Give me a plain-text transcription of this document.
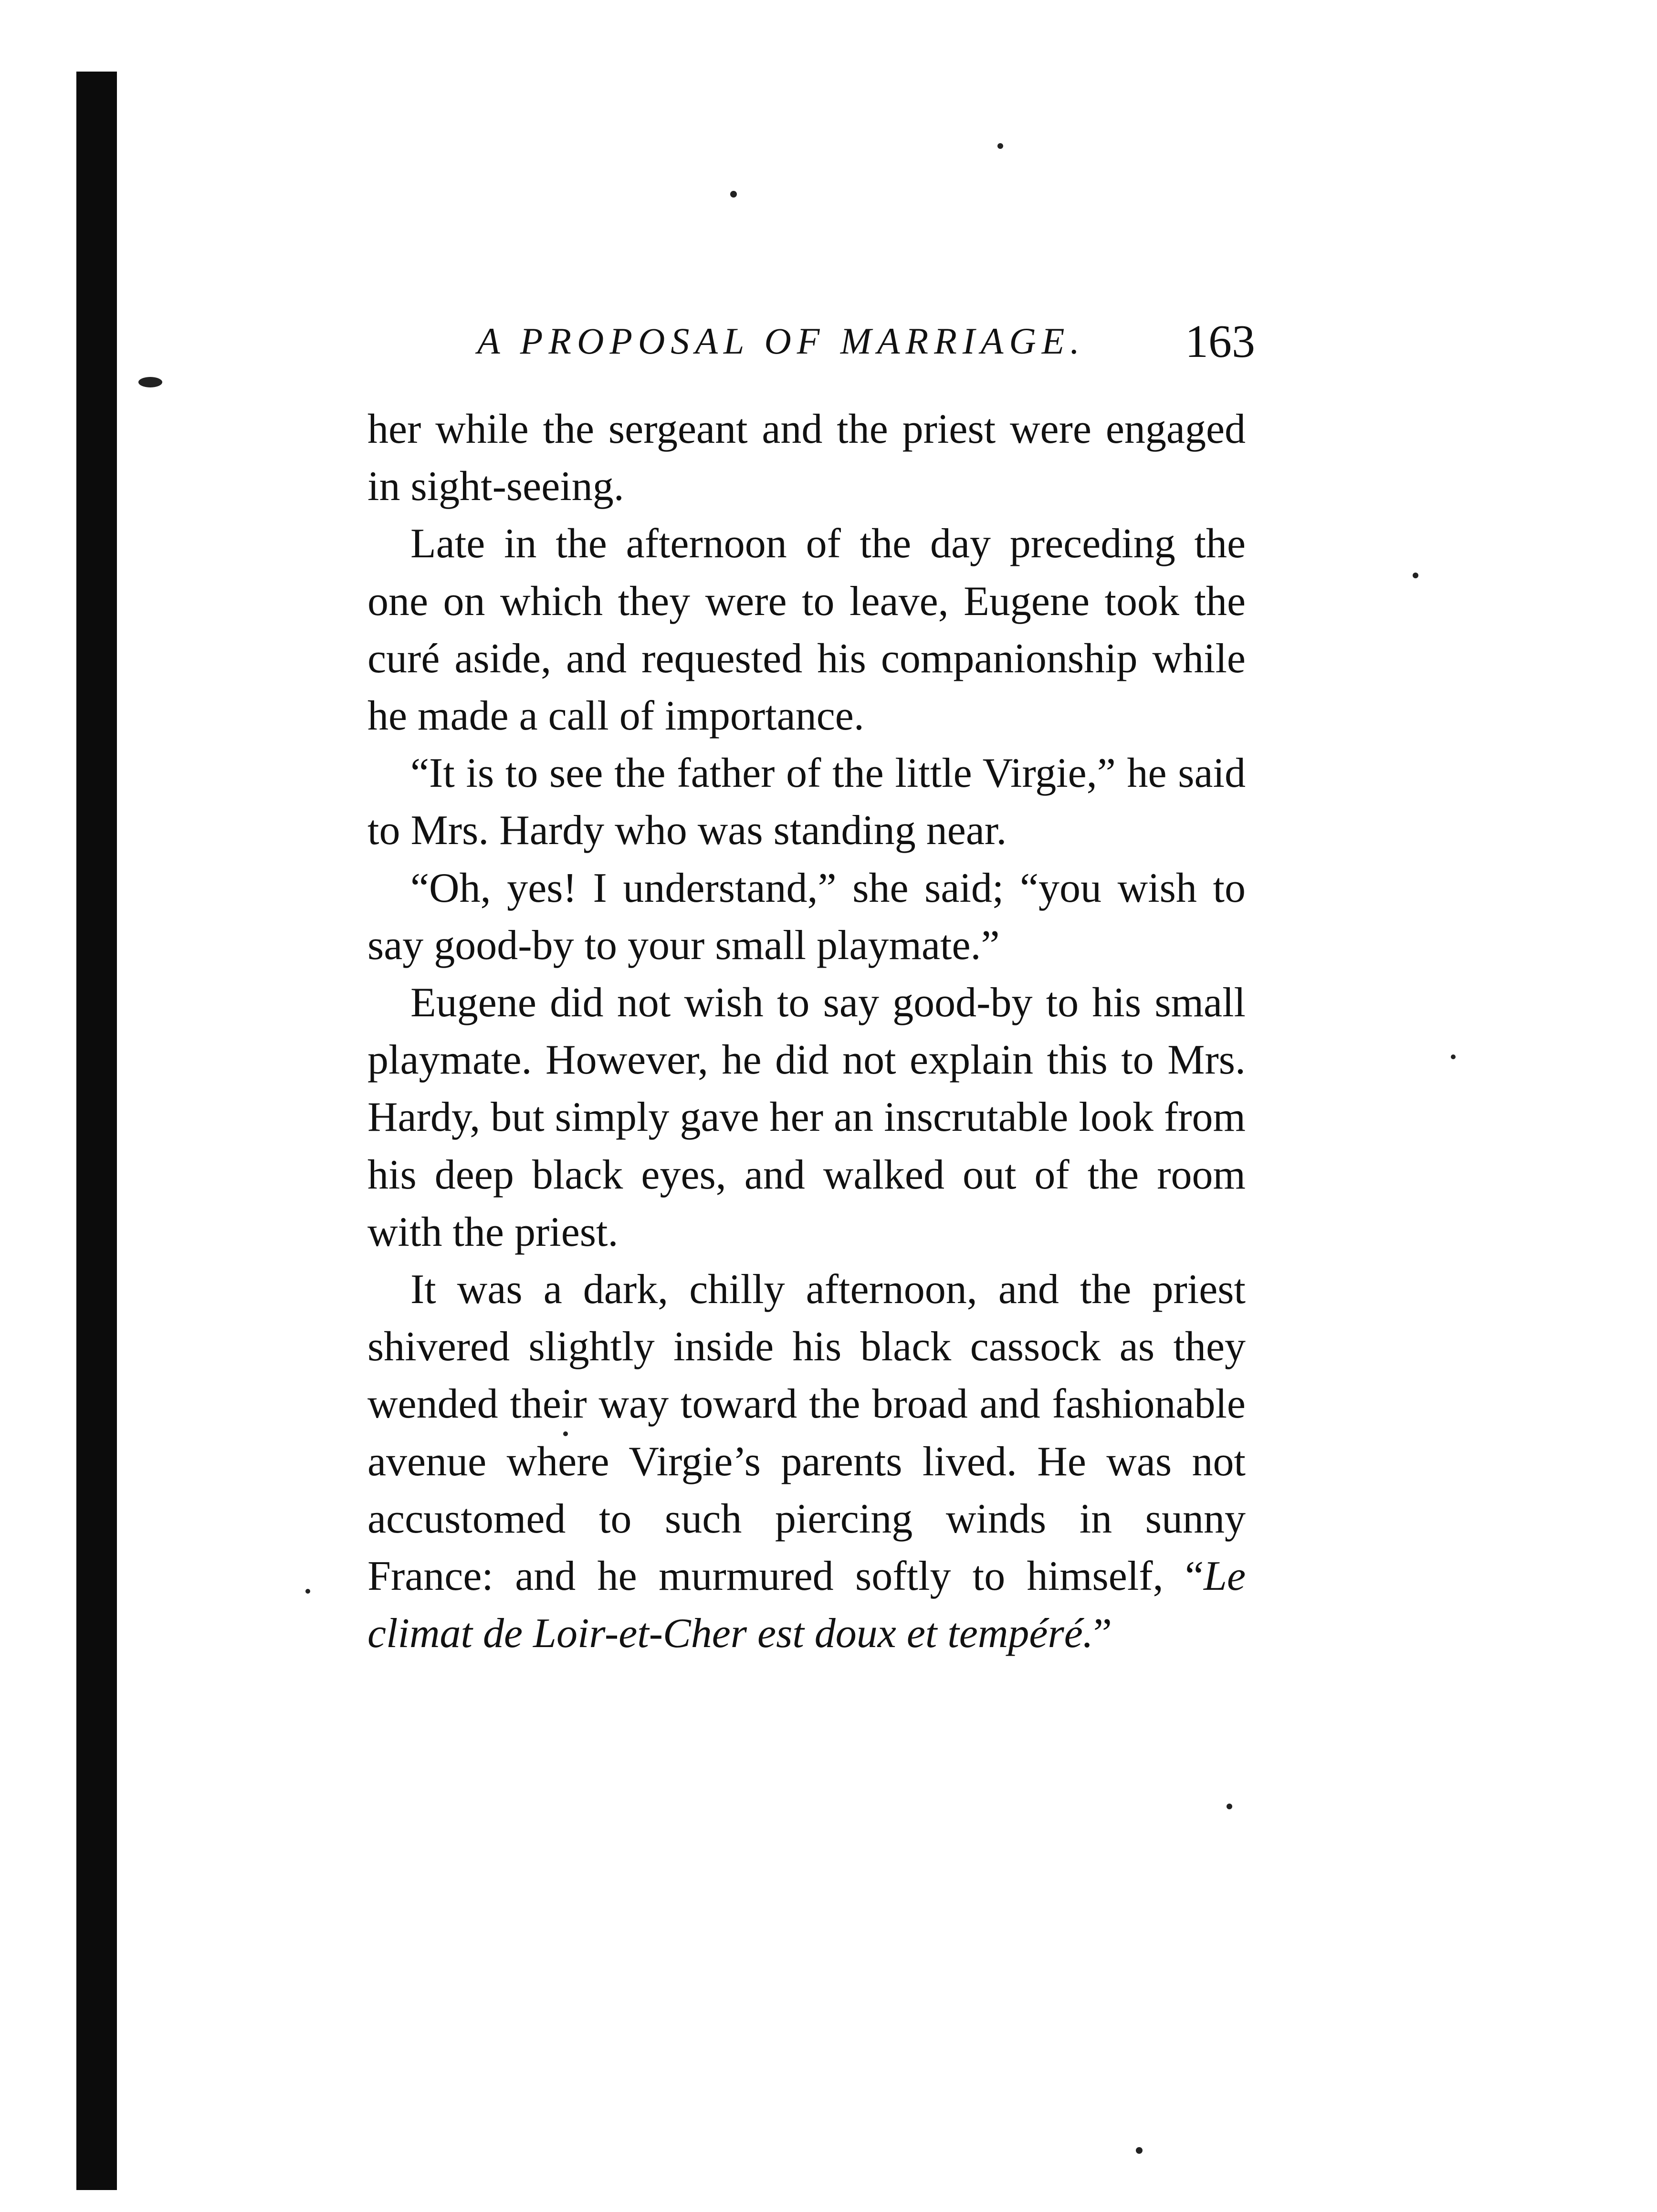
A PROPOSAL OF MARRIAGE. 163

her while the sergeant and the priest were engaged in sight-seeing.

Late in the afternoon of the day preceding the one on which they were to leave, Eugene took the curé aside, and requested his companionship while he made a call of importance.

“It is to see the father of the little Virgie,” he said to Mrs. Hardy who was standing near.

“Oh, yes! I understand,” she said; “you wish to say good-by to your small playmate.”

Eugene did not wish to say good-by to his small playmate. However, he did not explain this to Mrs. Hardy, but simply gave her an inscrutable look from his deep black eyes, and walked out of the room with the priest.

It was a dark, chilly afternoon, and the priest shivered slightly inside his black cassock as they wended their way toward the broad and fashionable avenue where Virgie’s parents lived. He was not accustomed to such piercing winds in sunny France: and he murmured softly to himself, “Le climat de Loir-et-Cher est doux et tempéré.”
